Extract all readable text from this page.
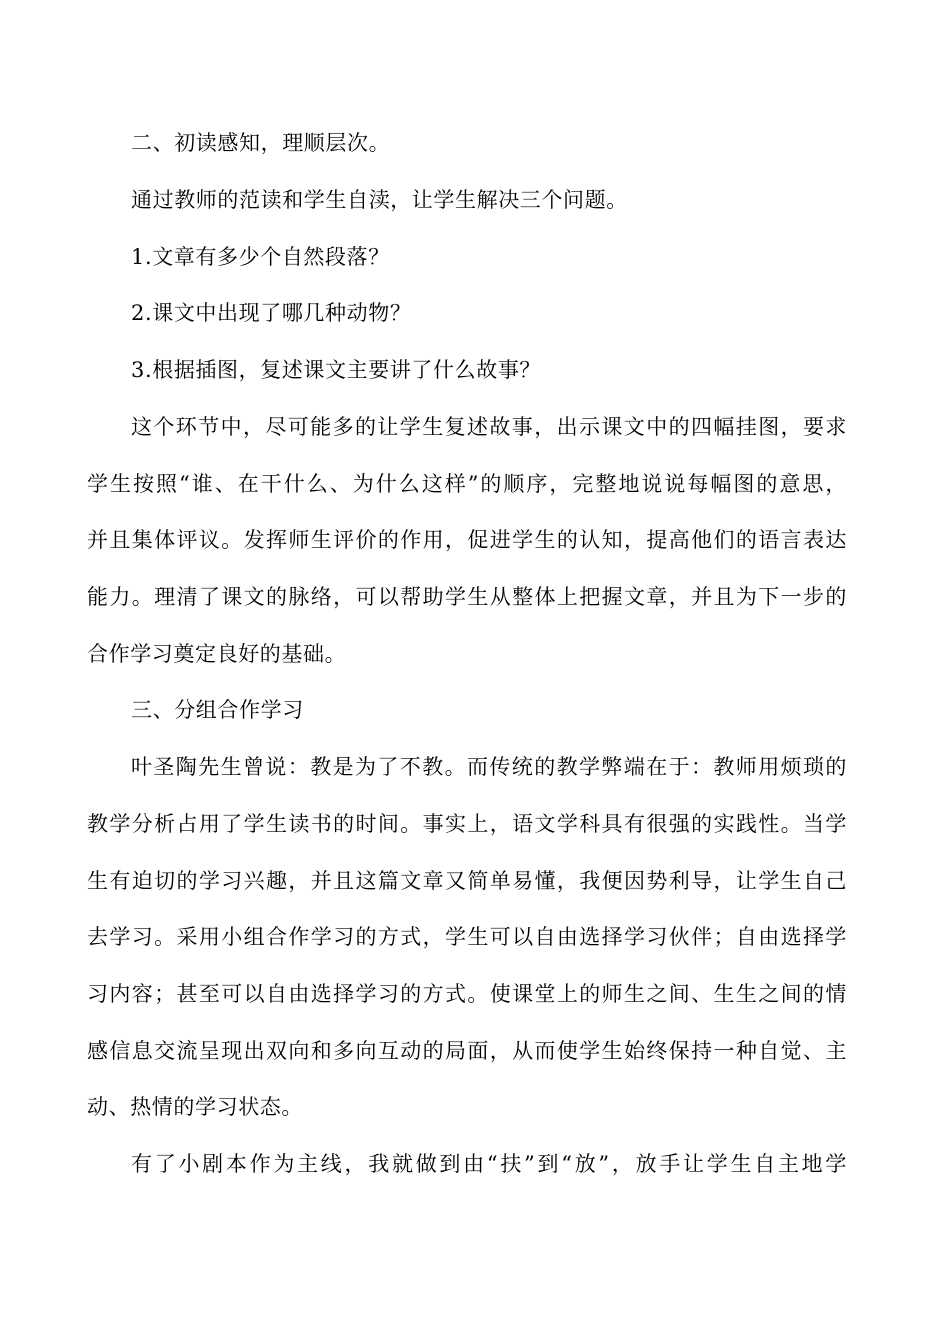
二、初读感知，理顺层次。
通过教师的范读和学生自渎，让学生解决三个问题。
1.文章有多少个自然段落？
2.课文中出现了哪几种动物？
3.根据插图，复述课文主要讲了什么故事？
这个环节中，尽可能多的让学生复述故事，出示课文中的四幅挂图，要求
学生按照“谁、在干什么、为什么这样”的顺序，完整地说说每幅图的意思，
并且集体评议。发挥师生评价的作用，促进学生的认知，提高他们的语言表达
能力。理清了课文的脉络，可以帮助学生从整体上把握文章，并且为下一步的
合作学习奠定良好的基础。
三、分组合作学习
叶圣陶先生曾说：教是为了不教。而传统的教学弊端在于：教师用烦琐的
教学分析占用了学生读书的时间。事实上，语文学科具有很强的实践性。当学
生有迫切的学习兴趣，并且这篇文章又简单易懂，我便因势利导，让学生自己
去学习。采用小组合作学习的方式，学生可以自由选择学习伙伴；自由选择学
习内容；甚至可以自由选择学习的方式。使课堂上的师生之间、生生之间的情
感信息交流呈现出双向和多向互动的局面，从而使学生始终保持一种自觉、主
动、热情的学习状态。
有了小剧本作为主线，我就做到由“扶”到“放”，放手让学生自主地学
